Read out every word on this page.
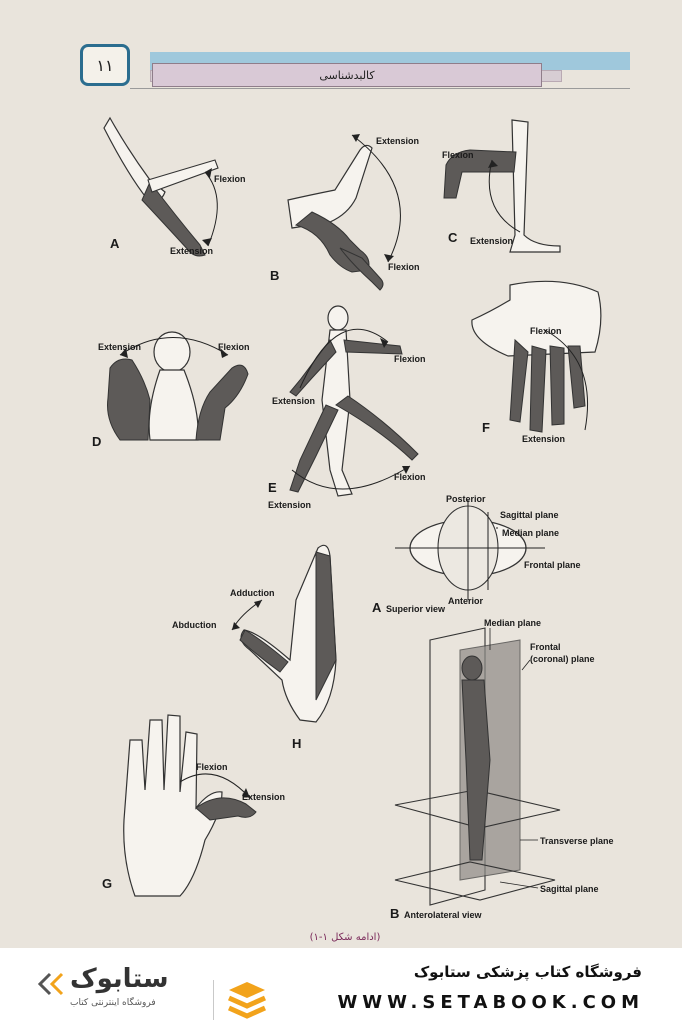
کالبدشناسی
۱۱
A
B
C
D
E
F
G
H
Flexion
Extension
Extension
Flexion
Flexion
Extension
Extension	Flexion
Flexion
Extension
Flexion
Extension
Flexion
Extension
Adduction
Abduction
Flexion
Extension
Posterior
Sagittal plane
Median plane
Frontal plane
Anterior
A Superior view
Median plane
Frontal
(coronal) plane
Transverse plane
Sagittal plane
B Anterolateral view
(ادامه شکل ۱-۱)
ستابوک
فروشگاه اینترنتی کتاب
فروشگاه کتاب پزشکی ستابوک
WWW.SETABOOK.COM
